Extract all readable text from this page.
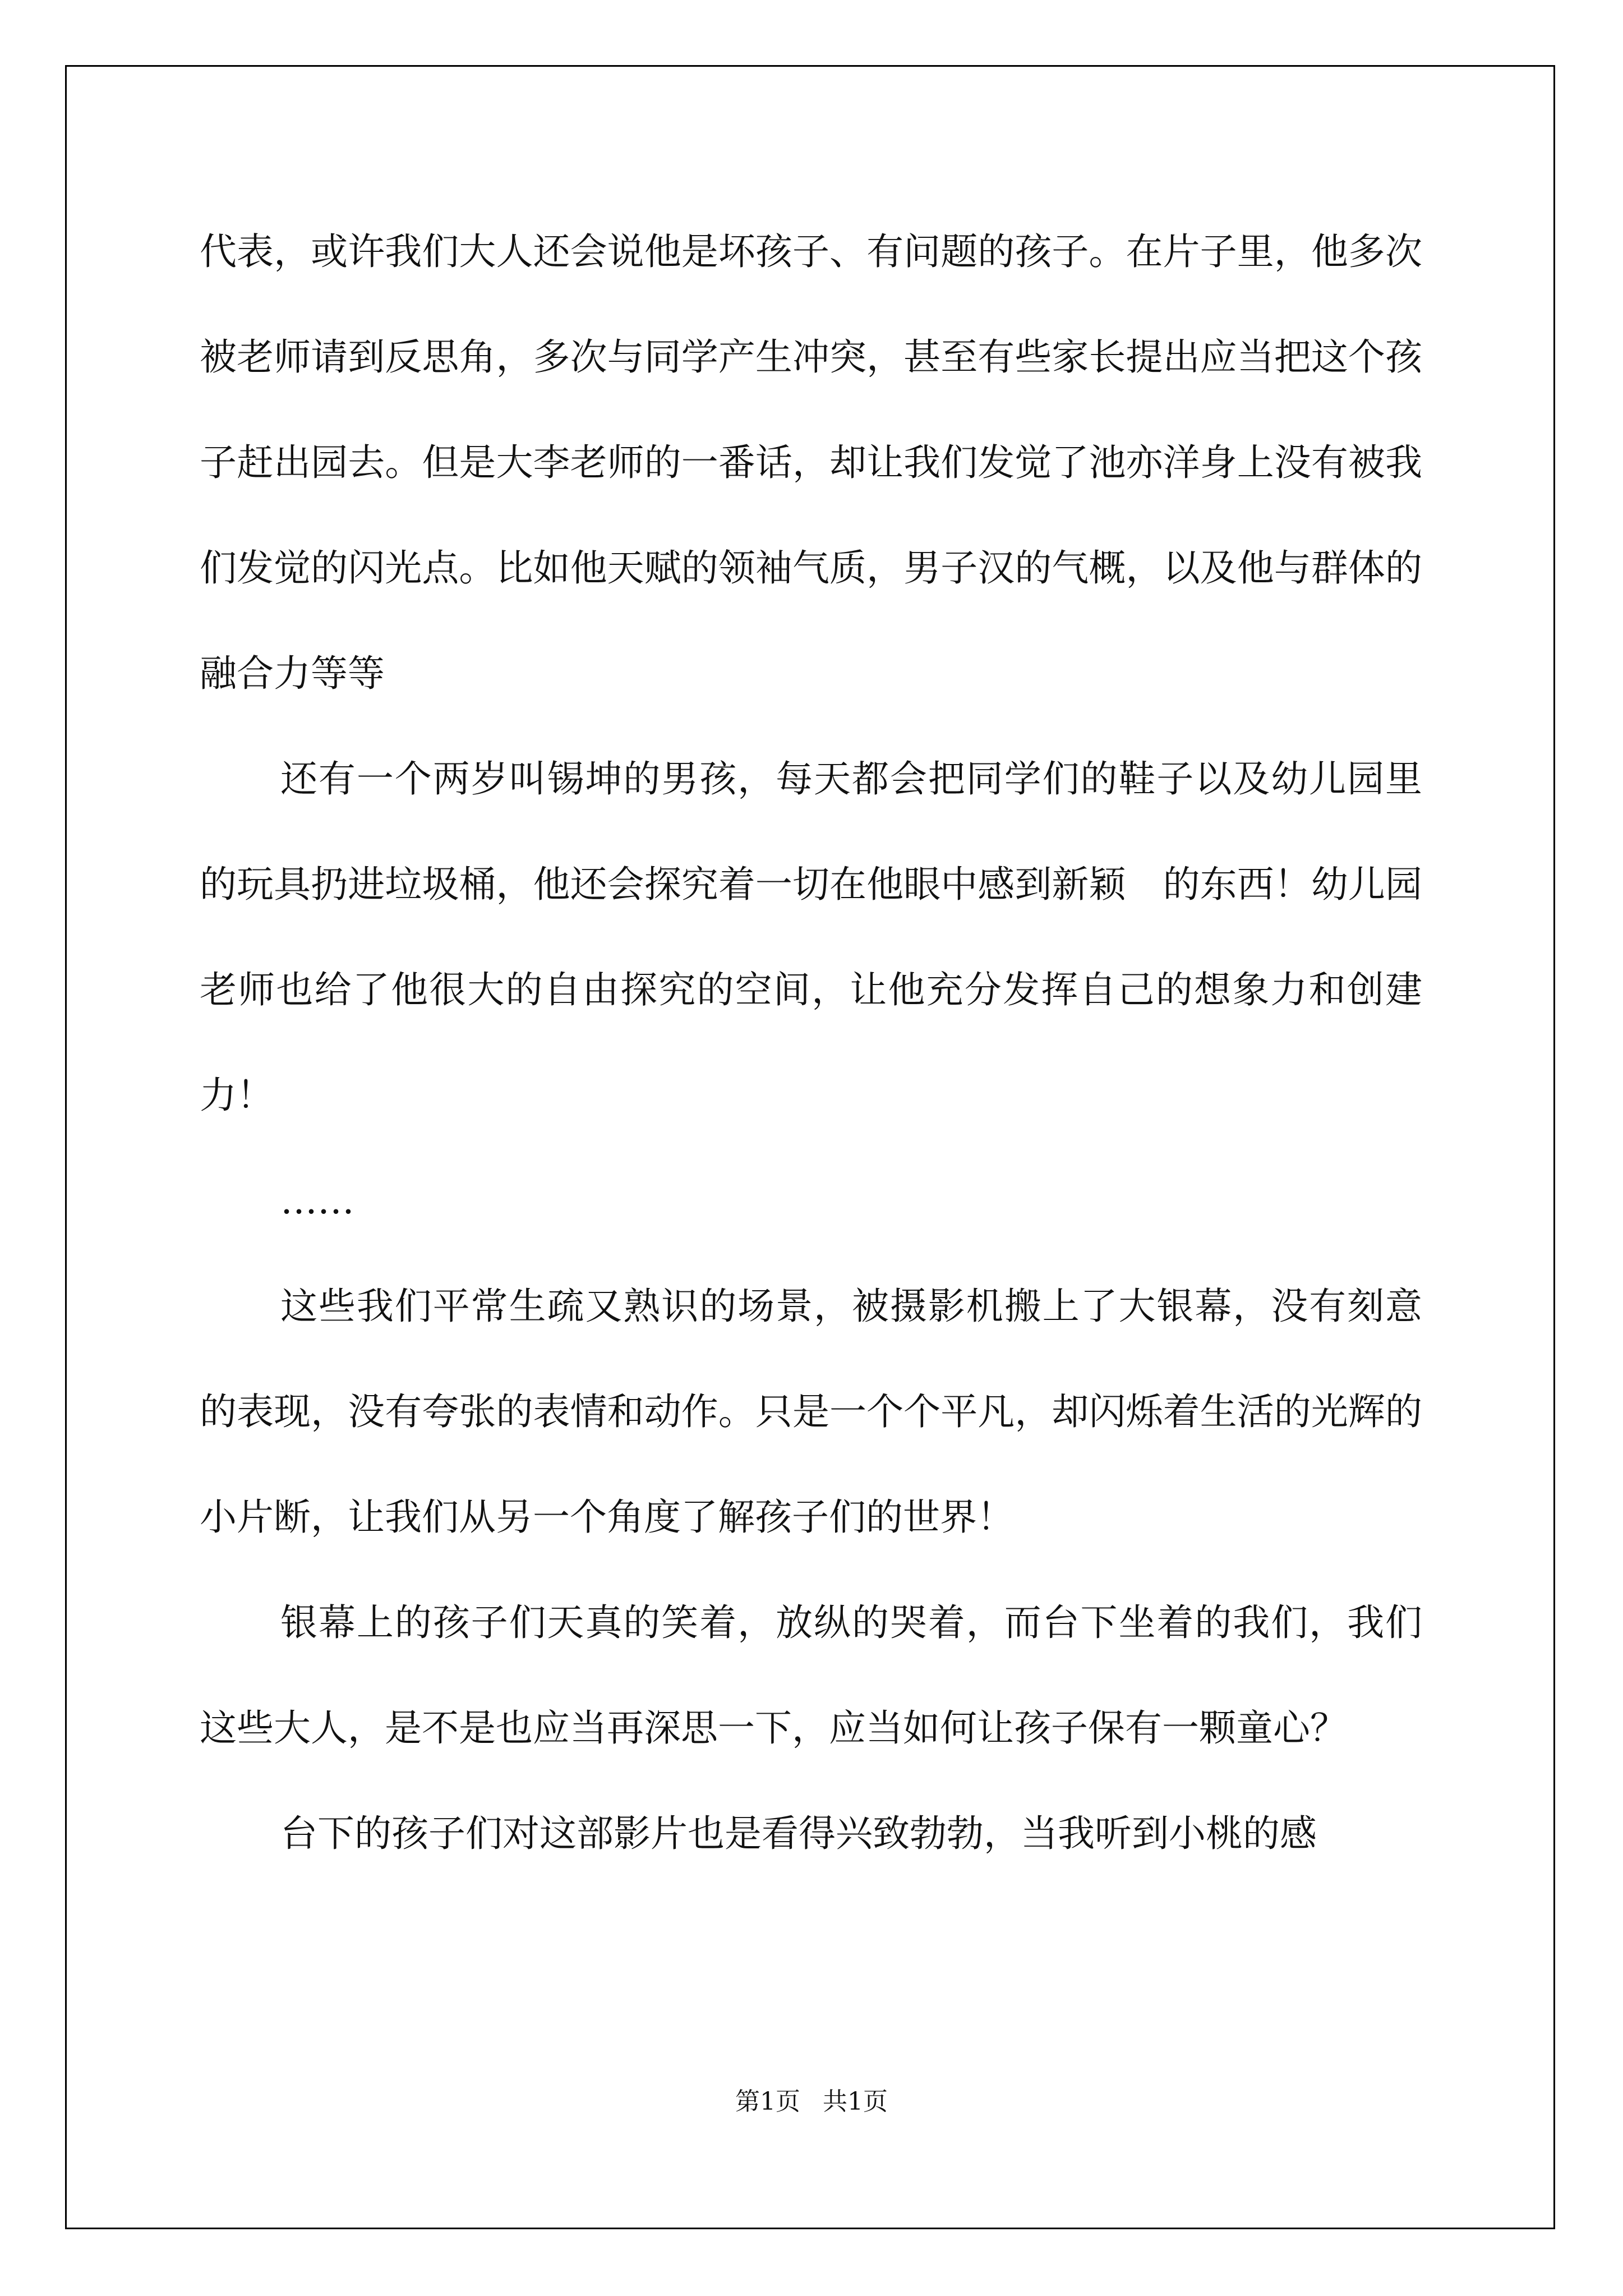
代表，或许我们大人还会说他是坏孩子、有问题的孩子。在片子里，他多次被老师请到反思角，多次与同学产生冲突，甚至有些家长提出应当把这个孩子赶出园去。但是大李老师的一番话，却让我们发觉了池亦洋身上没有被我们发觉的闪光点。比如他天赋的领袖气质，男子汉的气概，以及他与群体的融合力等等

还有一个两岁叫锡坤的男孩，每天都会把同学们的鞋子以及幼儿园里的玩具扔进垃圾桶，他还会探究着一切在他眼中感到新颖　的东西！幼儿园老师也给了他很大的自由探究的空间，让他充分发挥自己的想象力和创建力！

……

这些我们平常生疏又熟识的场景，被摄影机搬上了大银幕，没有刻意的表现，没有夸张的表情和动作。只是一个个平凡，却闪烁着生活的光辉的小片断，让我们从另一个角度了解孩子们的世界！

银幕上的孩子们天真的笑着，放纵的哭着，而台下坐着的我们，我们这些大人，是不是也应当再深思一下，应当如何让孩子保有一颗童心？

台下的孩子们对这部影片也是看得兴致勃勃，当我听到小桃的感

第1页 共1页
